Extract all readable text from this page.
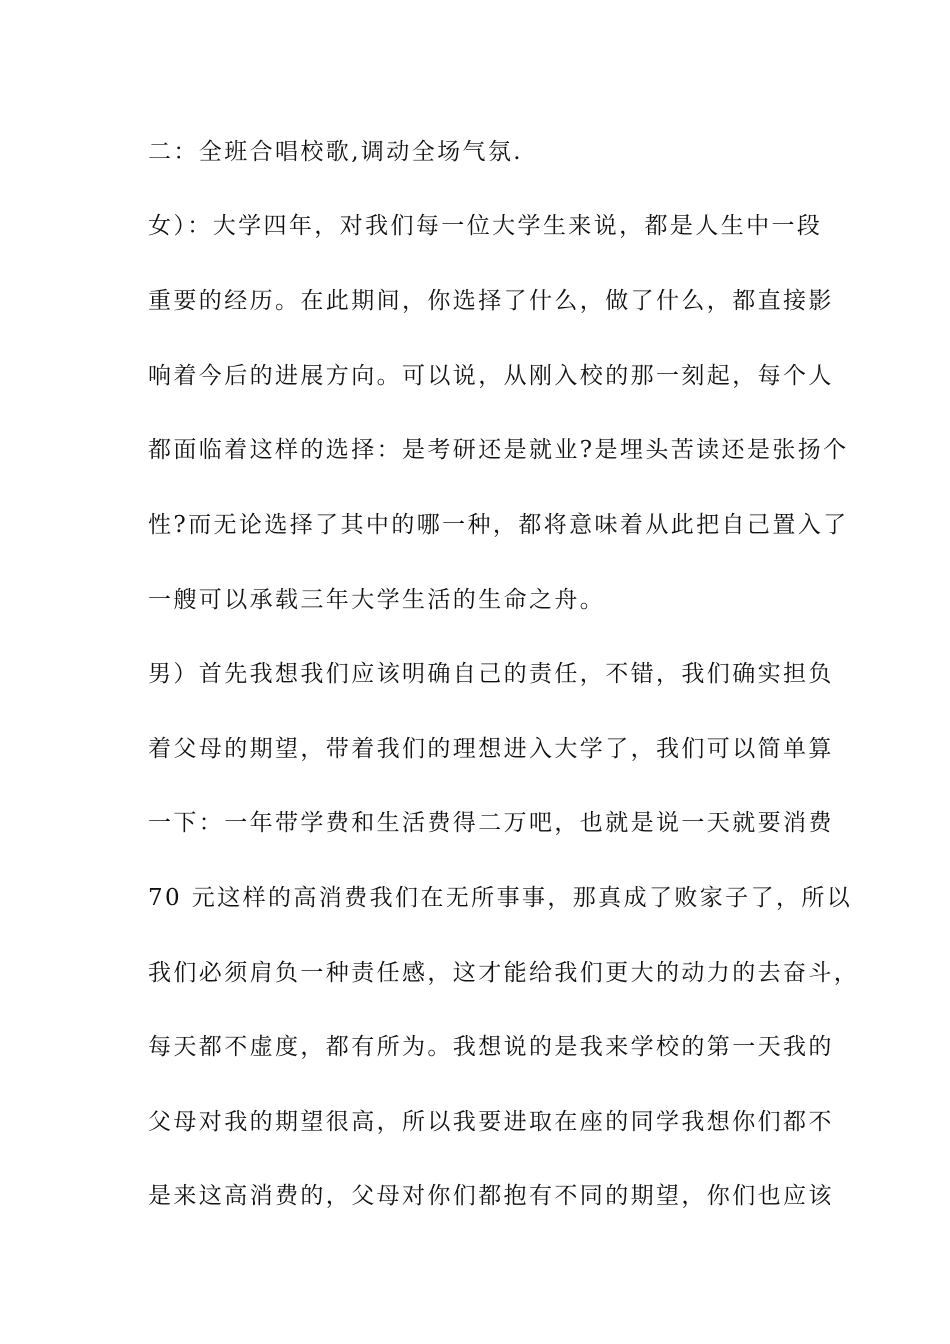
二：全班合唱校歌,调动全场气氛.
女）：大学四年，对我们每一位大学生来说，都是人生中一段
重要的经历。在此期间，你选择了什么，做了什么，都直接影
响着今后的进展方向。可以说，从刚入校的那一刻起，每个人
都面临着这样的选择：是考研还是就业?是埋头苦读还是张扬个
性?而无论选择了其中的哪一种，都将意味着从此把自己置入了
一艘可以承载三年大学生活的生命之舟。
男）首先我想我们应该明确自己的责任，不错，我们确实担负
着父母的期望，带着我们的理想进入大学了，我们可以简单算
一下：一年带学费和生活费得二万吧，也就是说一天就要消费
70 元这样的高消费我们在无所事事，那真成了败家子了，所以
我们必须肩负一种责任感，这才能给我们更大的动力的去奋斗，
每天都不虚度，都有所为。我想说的是我来学校的第一天我的
父母对我的期望很高，所以我要进取在座的同学我想你们都不
是来这高消费的，父母对你们都抱有不同的期望，你们也应该
